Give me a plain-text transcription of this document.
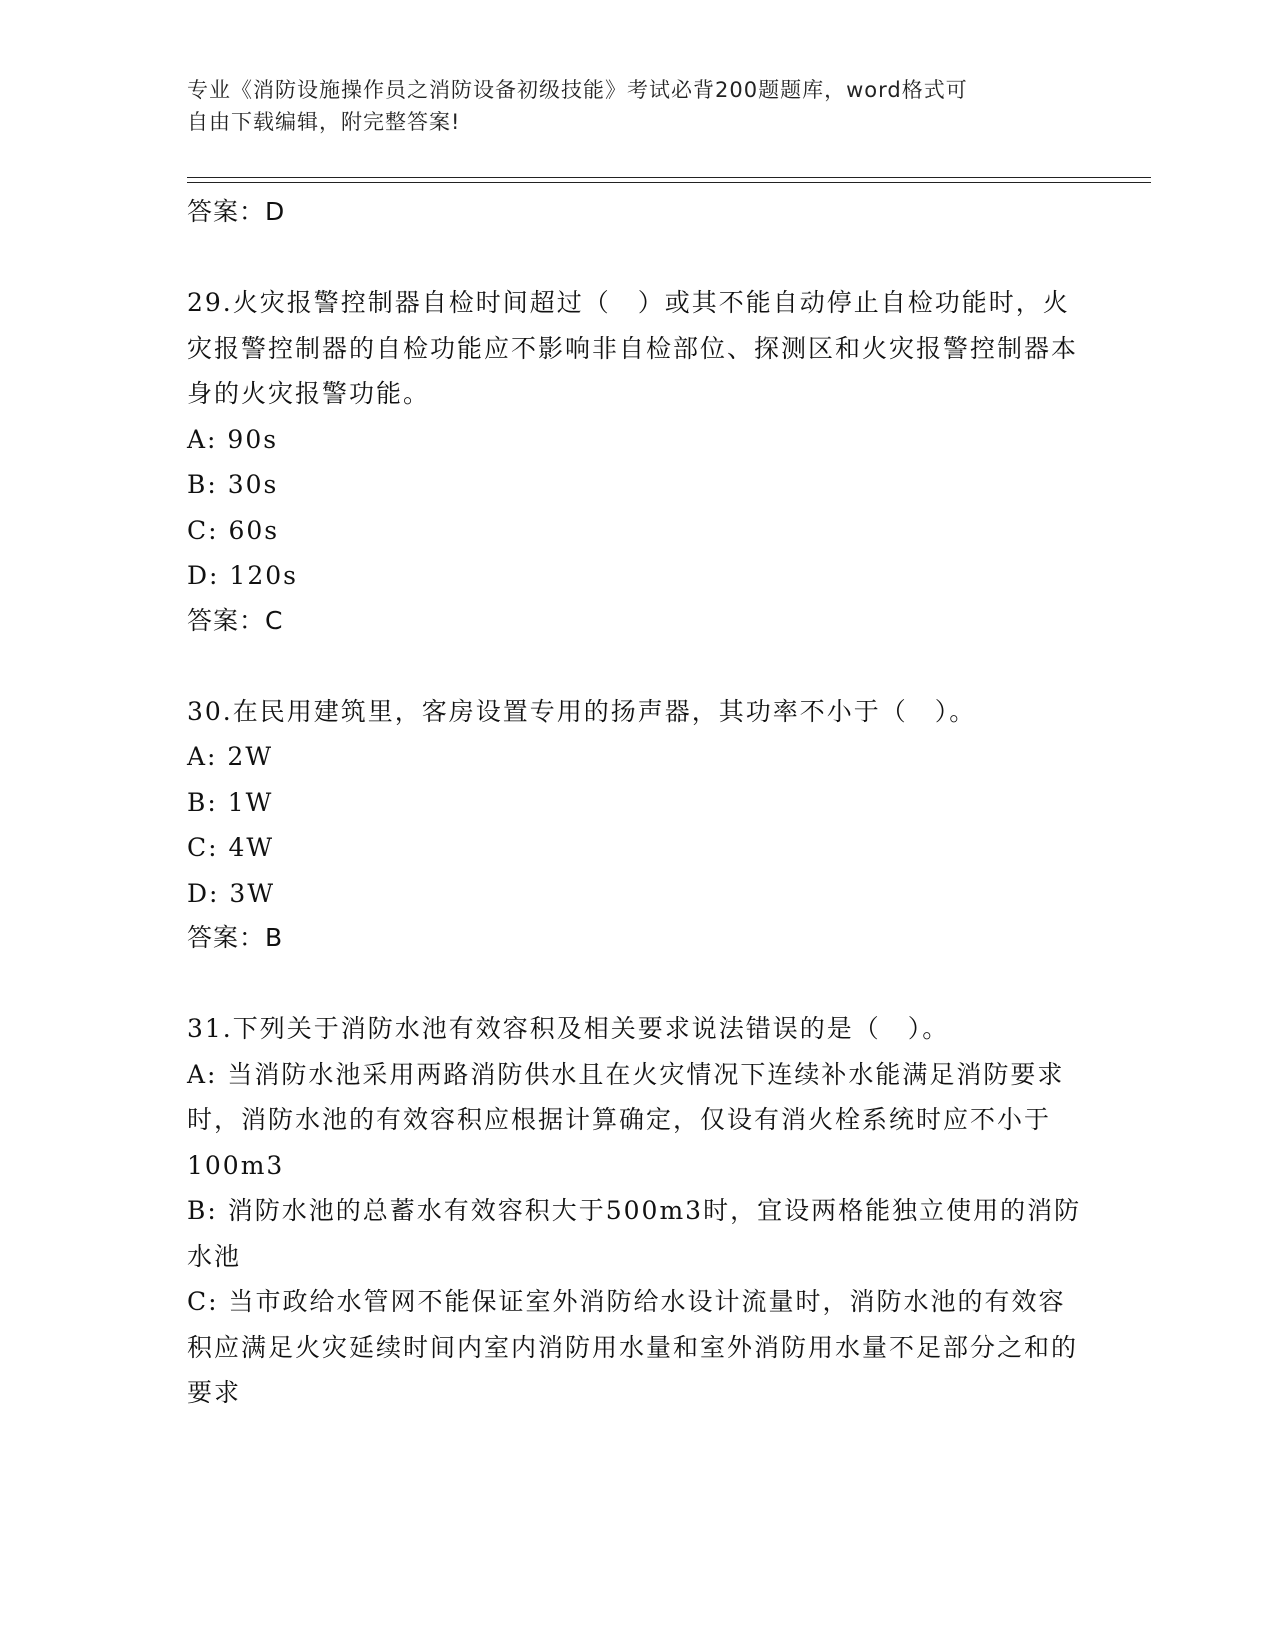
专业《消防设施操作员之消防设备初级技能》考试必背200题题库，word格式可
自由下载编辑，附完整答案!
答案：D
29.火灾报警控制器自检时间超过（　）或其不能自动停止自检功能时，火灾报警控制器的自检功能应不影响非自检部位、探测区和火灾报警控制器本身的火灾报警功能。
A: 90s
B: 30s
C: 60s
D: 120s
答案：C
30.在民用建筑里，客房设置专用的扬声器，其功率不小于（　）。
A: 2W
B: 1W
C: 4W
D: 3W
答案：B
31.下列关于消防水池有效容积及相关要求说法错误的是（　）。
A: 当消防水池采用两路消防供水且在火灾情况下连续补水能满足消防要求时，消防水池的有效容积应根据计算确定，仅设有消火栓系统时应不小于100m3
B: 消防水池的总蓄水有效容积大于500m3时，宜设两格能独立使用的消防水池
C: 当市政给水管网不能保证室外消防给水设计流量时，消防水池的有效容积应满足火灾延续时间内室内消防用水量和室外消防用水量不足部分之和的要求
